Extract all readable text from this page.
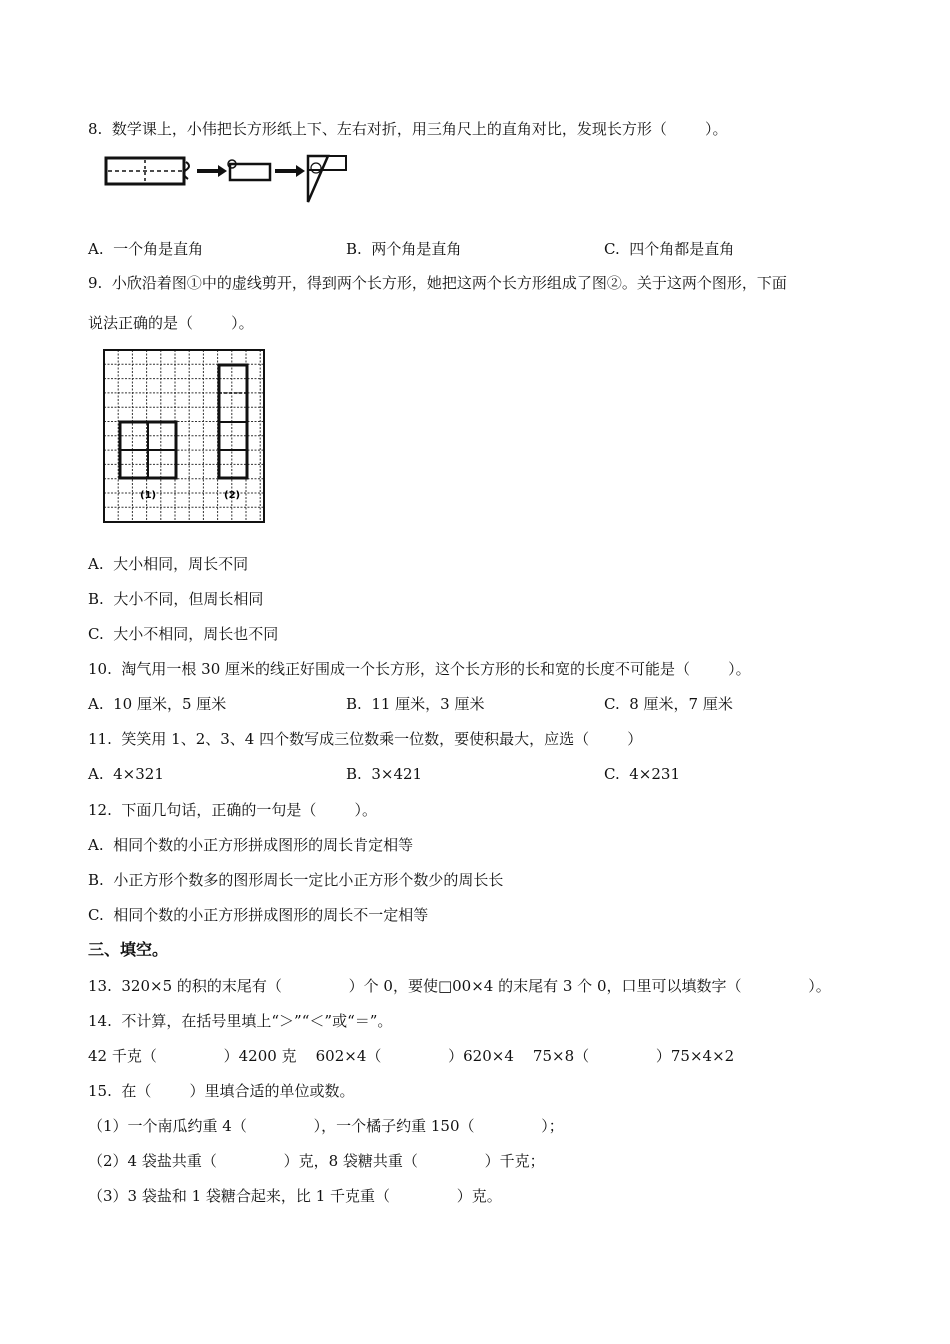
8.  数学课上，小伟把长方形纸上下、左右对折，用三角尺上的直角对比，发现长方形（        ）。
A.  一个角是直角	B.  两个角是直角	C.  四个角都是直角
9.  小欣沿着图①中的虚线剪开，得到两个长方形，她把这两个长方形组成了图②。关于这两个图形，下面
说法正确的是（        ）。
(1)	(2)
A.  大小相同，周长不同
B.  大小不同，但周长相同
C.  大小不相同，周长也不同
10.  淘气用一根 30 厘米的线正好围成一个长方形，这个长方形的长和宽的长度不可能是（        ）。
A.  10 厘米，5 厘米	B.  11 厘米，3 厘米	C.  8 厘米，7 厘米
11.  笑笑用 1、2、3、4 四个数写成三位数乘一位数，要使积最大，应选（        ）
A.  4×321	B.  3×421	C.  4×231
12.  下面几句话，正确的一句是（        ）。
A.  相同个数的小正方形拼成图形的周长肯定相等
B.  小正方形个数多的图形周长一定比小正方形个数少的周长长
C.  相同个数的小正方形拼成图形的周长不一定相等
三、填空。
13.  320×5 的积的末尾有（              ）个 0，要使□00×4 的末尾有 3 个 0，口里可以填数字（              ）。
14.  不计算，在括号里填上“＞”“＜”或“＝”。
42 千克（              ）4200 克    602×4（              ）620×4    75×8（              ）75×4×2
15.  在（        ）里填合适的单位或数。
（1）一个南瓜约重 4（              ），一个橘子约重 150（              ）；
（2）4 袋盐共重（              ）克，8 袋糖共重（              ）千克；
（3）3 袋盐和 1 袋糖合起来，比 1 千克重（              ）克。
